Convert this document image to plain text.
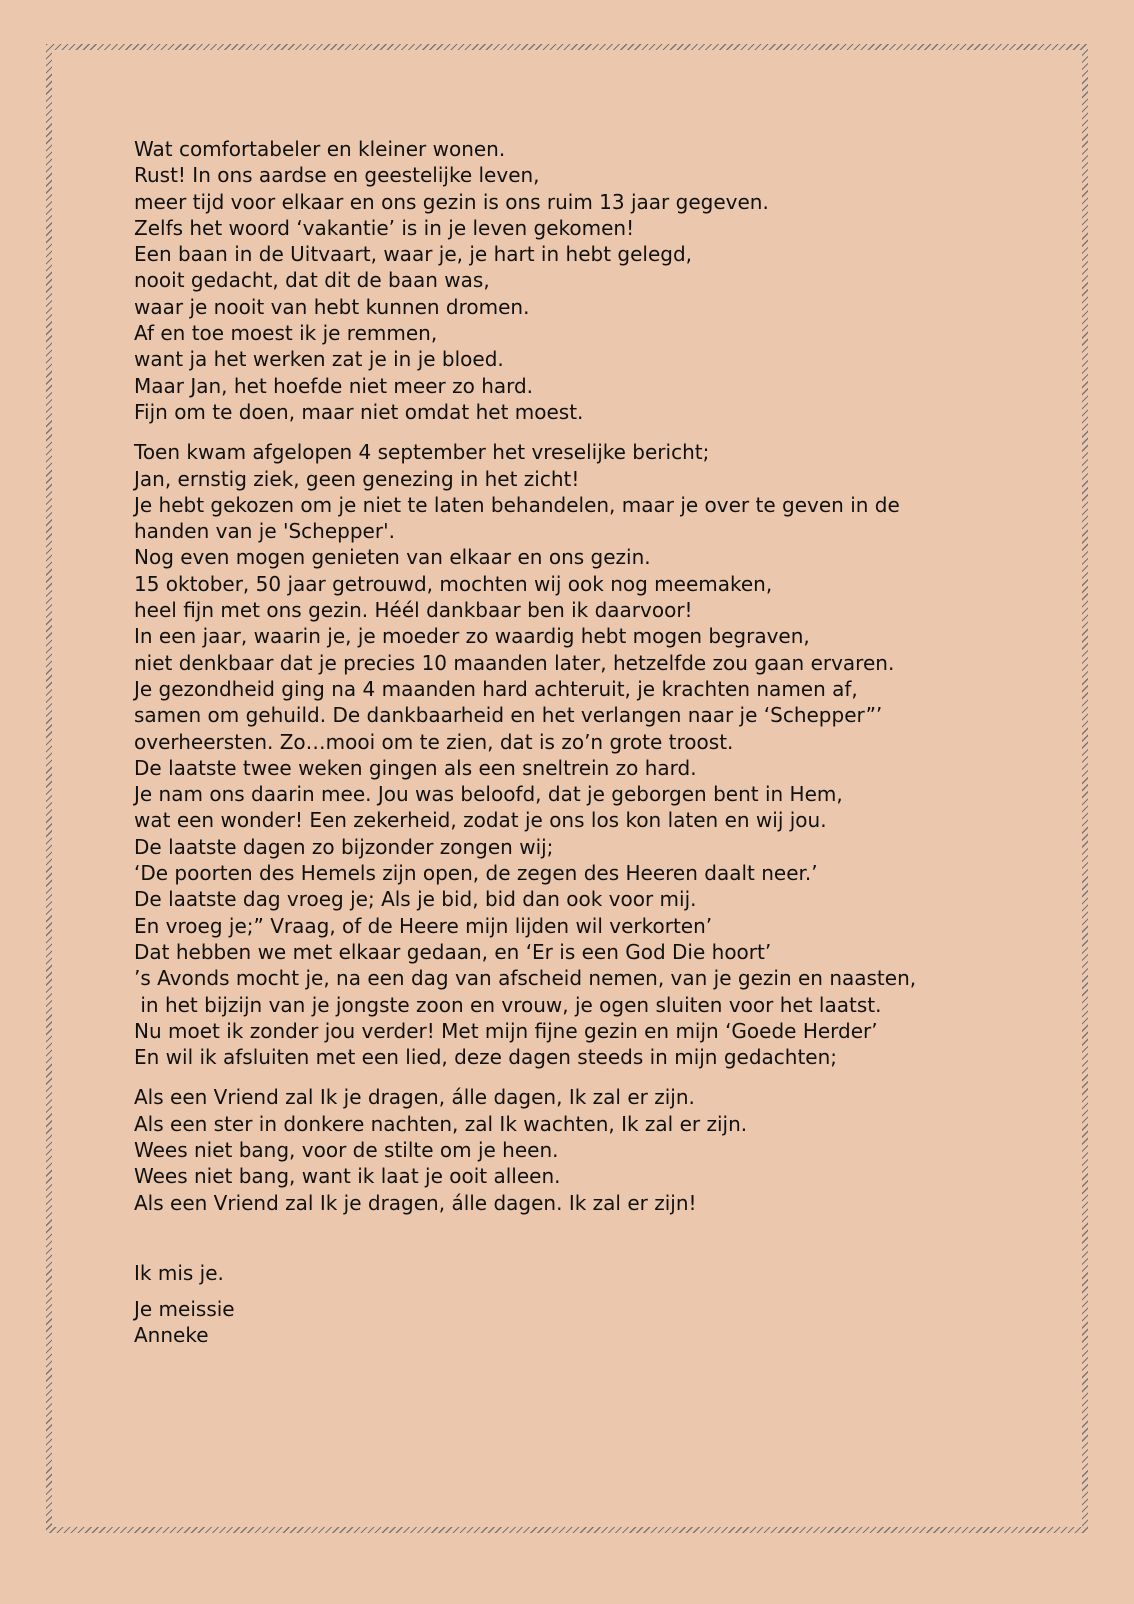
Wat comfortabeler en kleiner wonen.
Rust! In ons aardse en geestelijke leven,
meer tijd voor elkaar en ons gezin is ons ruim 13 jaar gegeven.
Zelfs het woord ‘vakantie’ is in je leven gekomen!
Een baan in de Uitvaart, waar je, je hart in hebt gelegd,
nooit gedacht, dat dit de baan was,
waar je nooit van hebt kunnen dromen.
Af en toe moest ik je remmen,
want ja het werken zat je in je bloed.
Maar Jan, het hoefde niet meer zo hard.
Fijn om te doen, maar niet omdat het moest.
Toen kwam afgelopen 4 september het vreselijke bericht;
Jan, ernstig ziek, geen genezing in het zicht!
Je hebt gekozen om je niet te laten behandelen, maar je over te geven in de
handen van je 'Schepper'.
Nog even mogen genieten van elkaar en ons gezin.
15 oktober, 50 jaar getrouwd, mochten wij ook nog meemaken,
heel fijn met ons gezin. Héél dankbaar ben ik daarvoor!
In een jaar, waarin je, je moeder zo waardig hebt mogen begraven,
niet denkbaar dat je precies 10 maanden later, hetzelfde zou gaan ervaren.
Je gezondheid ging na 4 maanden hard achteruit, je krachten namen af,
samen om gehuild. De dankbaarheid en het verlangen naar je ‘Schepper”’
overheersten. Zo…mooi om te zien, dat is zo’n grote troost.
De laatste twee weken gingen als een sneltrein zo hard.
Je nam ons daarin mee. Jou was beloofd, dat je geborgen bent in Hem,
wat een wonder! Een zekerheid, zodat je ons los kon laten en wij jou.
De laatste dagen zo bijzonder zongen wij;
‘De poorten des Hemels zijn open, de zegen des Heeren daalt neer.’
De laatste dag vroeg je; Als je bid, bid dan ook voor mij.
En vroeg je;” Vraag, of de Heere mijn lijden wil verkorten’
Dat hebben we met elkaar gedaan, en ‘Er is een God Die hoort’
’s Avonds mocht je, na een dag van afscheid nemen, van je gezin en naasten,
in het bijzijn van je jongste zoon en vrouw, je ogen sluiten voor het laatst.
Nu moet ik zonder jou verder! Met mijn fijne gezin en mijn ‘Goede Herder’
En wil ik afsluiten met een lied, deze dagen steeds in mijn gedachten;
Als een Vriend zal Ik je dragen, álle dagen, Ik zal er zijn.
Als een ster in donkere nachten, zal Ik wachten, Ik zal er zijn.
Wees niet bang, voor de stilte om je heen.
Wees niet bang, want ik laat je ooit alleen.
Als een Vriend zal Ik je dragen, álle dagen. Ik zal er zijn!
Ik mis je.
Je meissie
Anneke
